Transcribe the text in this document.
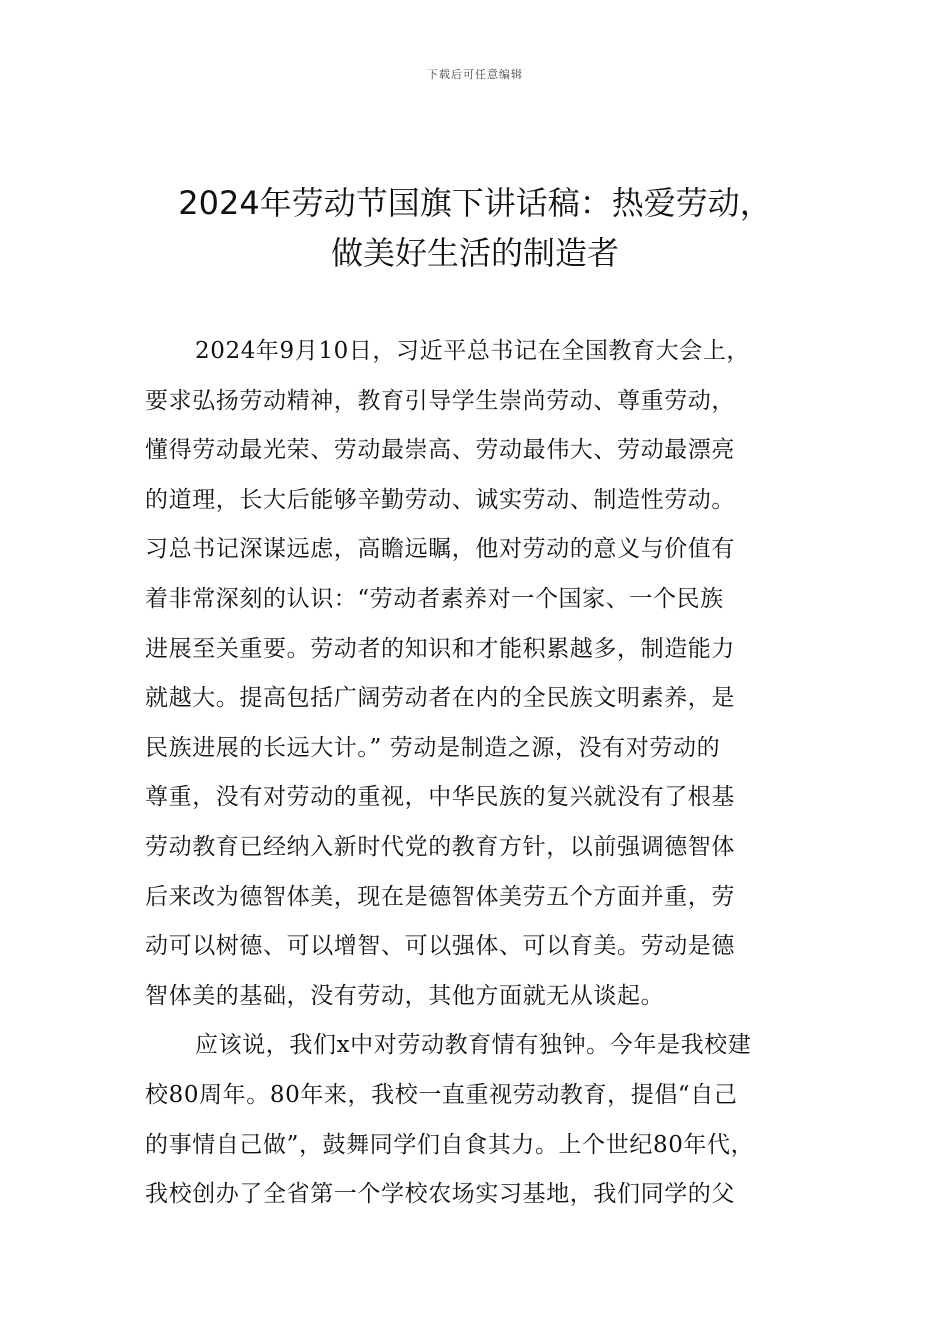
下载后可任意编辑
2024年劳动节国旗下讲话稿：热爱劳动，
做美好生活的制造者
2024年9月10日，习近平总书记在全国教育大会上，
要求弘扬劳动精神，教育引导学生崇尚劳动、尊重劳动，
懂得劳动最光荣、劳动最崇高、劳动最伟大、劳动最漂亮
的道理，长大后能够辛勤劳动、诚实劳动、制造性劳动。
习总书记深谋远虑，高瞻远瞩，他对劳动的意义与价值有
着非常深刻的认识：“劳动者素养对一个国家、一个民族
进展至关重要。劳动者的知识和才能积累越多，制造能力
就越大。提高包括广阔劳动者在内的全民族文明素养，是
民族进展的长远大计。” 劳动是制造之源，没有对劳动的
尊重，没有对劳动的重视，中华民族的复兴就没有了根基
劳动教育已经纳入新时代党的教育方针，以前强调德智体
后来改为德智体美，现在是德智体美劳五个方面并重，劳
动可以树德、可以增智、可以强体、可以育美。劳动是德
智体美的基础，没有劳动，其他方面就无从谈起。
应该说，我们x中对劳动教育情有独钟。今年是我校建
校80周年。80年来，我校一直重视劳动教育，提倡“自己
的事情自己做”，鼓舞同学们自食其力。上个世纪80年代，
我校创办了全省第一个学校农场实习基地，我们同学的父
